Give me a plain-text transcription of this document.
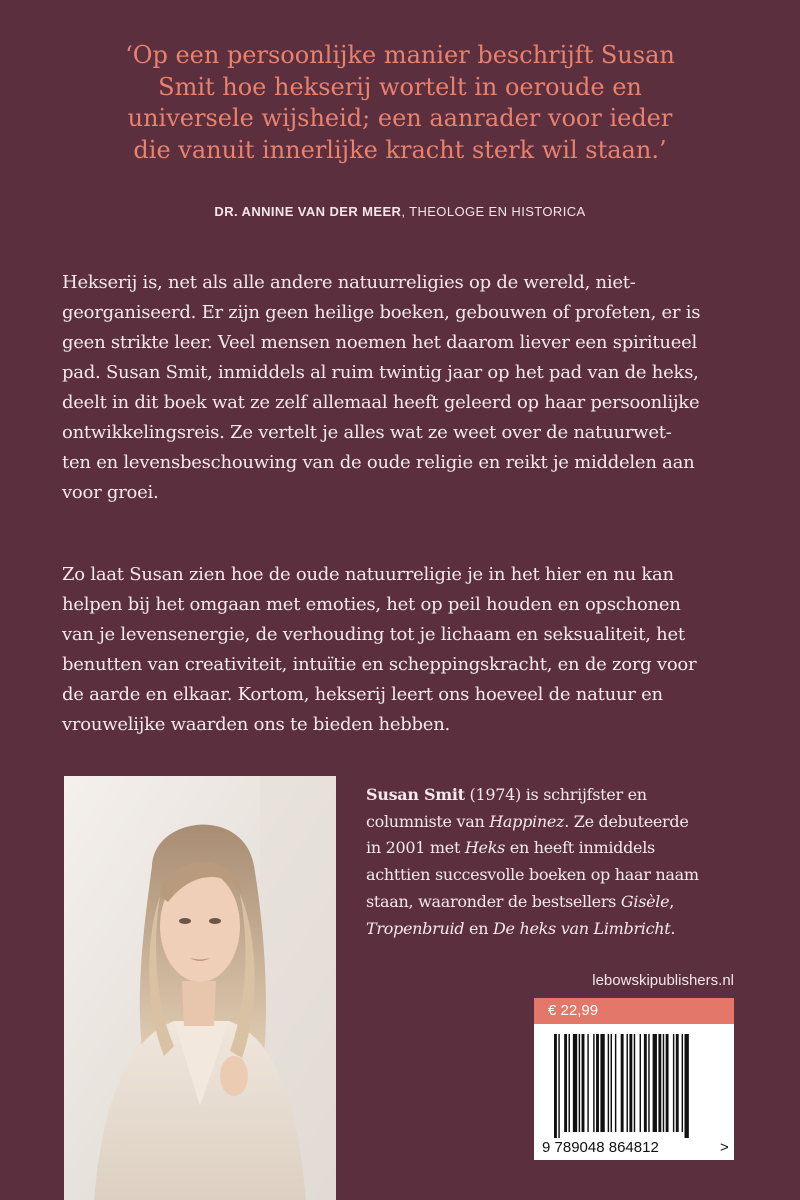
‘Op een persoonlijke manier beschrijft Susan
Smit hoe hekserij wortelt in oeroude en
universele wijsheid; een aanrader voor ieder
die vanuit innerlijke kracht sterk wil staan.’
DR. ANNINE VAN DER MEER, THEOLOGE EN HISTORICA
Hekserij is, net als alle andere natuurreligies op de wereld, niet-
georganiseerd. Er zijn geen heilige boeken, gebouwen of profeten, er is
geen strikte leer. Veel mensen noemen het daarom liever een spiritueel
pad. Susan Smit, inmiddels al ruim twintig jaar op het pad van de heks,
deelt in dit boek wat ze zelf allemaal heeft geleerd op haar persoonlijke
ontwikkelingsreis. Ze vertelt je alles wat ze weet over de natuurwet-
ten en levensbeschouwing van de oude religie en reikt je middelen aan
voor groei.
Zo laat Susan zien hoe de oude natuurreligie je in het hier en nu kan
helpen bij het omgaan met emoties, het op peil houden en opschonen
van je levensenergie, de verhouding tot je lichaam en seksualiteit, het
benutten van creativiteit, intuïtie en scheppingskracht, en de zorg voor
de aarde en elkaar. Kortom, hekserij leert ons hoeveel de natuur en
vrouwelijke waarden ons te bieden hebben.
Susan Smit (1974) is schrijfster en
columniste van Happinez. Ze debuteerde
in 2001 met Heks en heeft inmiddels
achttien succesvolle boeken op haar naam
staan, waaronder de bestsellers Gisèle,
Tropenbruid en De heks van Limbricht.
lebowskipublishers.nl
€ 22,99
9 789048 864812	>
